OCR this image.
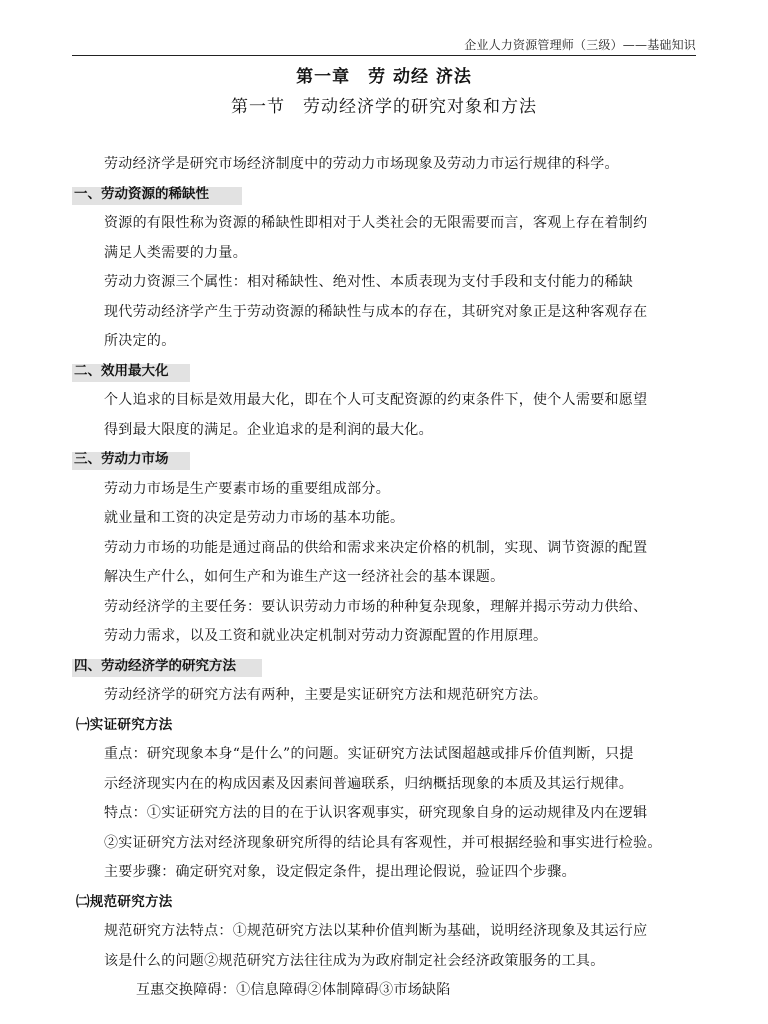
企业人力资源管理师（三级）——基础知识
第一章　劳 动经 济法
第一节　劳动经济学的研究对象和方法
劳动经济学是研究市场经济制度中的劳动力市场现象及劳动力市运行规律的科学。
一、劳动资源的稀缺性
资源的有限性称为资源的稀缺性即相对于人类社会的无限需要而言，客观上存在着制约
满足人类需要的力量。
劳动力资源三个属性：相对稀缺性、绝对性、本质表现为支付手段和支付能力的稀缺
现代劳动经济学产生于劳动资源的稀缺性与成本的存在，其研究对象正是这种客观存在
所决定的。
二、效用最大化
个人追求的目标是效用最大化，即在个人可支配资源的约束条件下，使个人需要和愿望
得到最大限度的满足。企业追求的是利润的最大化。
三、劳动力市场
劳动力市场是生产要素市场的重要组成部分。
就业量和工资的决定是劳动力市场的基本功能。
劳动力市场的功能是通过商品的供给和需求来决定价格的机制，实现、调节资源的配置
解决生产什么，如何生产和为谁生产这一经济社会的基本课题。
劳动经济学的主要任务：要认识劳动力市场的种种复杂现象，理解并揭示劳动力供给、
劳动力需求，以及工资和就业决定机制对劳动力资源配置的作用原理。
四、劳动经济学的研究方法
劳动经济学的研究方法有两种，主要是实证研究方法和规范研究方法。
㈠实证研究方法
重点：研究现象本身“是什么”的问题。实证研究方法试图超越或排斥价值判断，只提
示经济现实内在的构成因素及因素间普遍联系，归纳概括现象的本质及其运行规律。
特点：①实证研究方法的目的在于认识客观事实，研究现象自身的运动规律及内在逻辑
②实证研究方法对经济现象研究所得的结论具有客观性，并可根据经验和事实进行检验。
主要步骤：确定研究对象，设定假定条件，提出理论假说，验证四个步骤。
㈡规范研究方法
规范研究方法特点：①规范研究方法以某种价值判断为基础，说明经济现象及其运行应
该是什么的问题②规范研究方法往往成为为政府制定社会经济政策服务的工具。
互惠交换障碍：①信息障碍②体制障碍③市场缺陷
